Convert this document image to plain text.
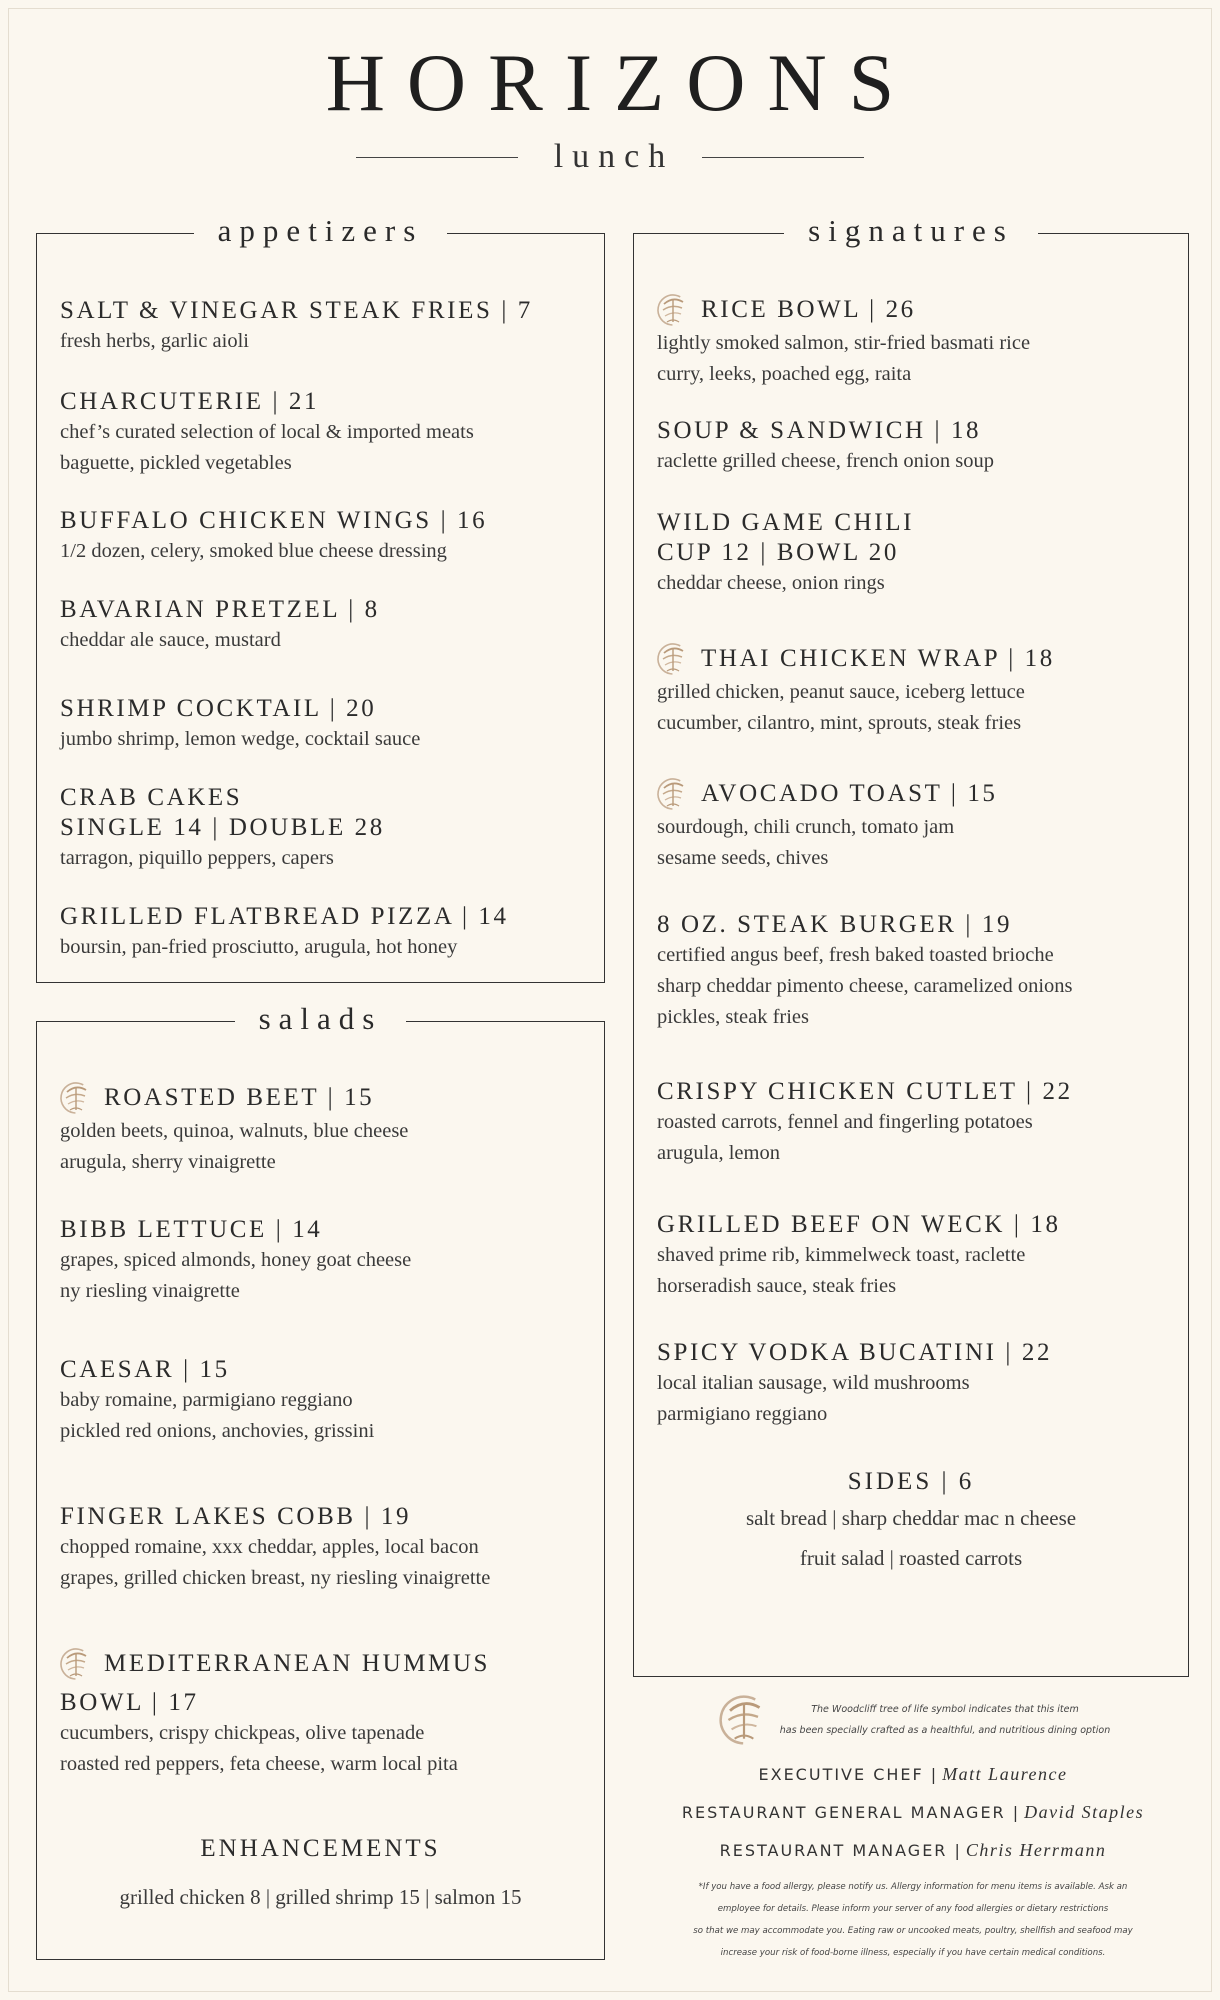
HORIZONS
lunch
appetizers
SALT & VINEGAR STEAK FRIES | 7
fresh herbs, garlic aioli
CHARCUTERIE | 21
chef’s curated selection of local & imported meats
baguette, pickled vegetables
BUFFALO CHICKEN WINGS | 16
1/2 dozen, celery, smoked blue cheese dressing
BAVARIAN PRETZEL | 8
cheddar ale sauce, mustard
SHRIMP COCKTAIL | 20
jumbo shrimp, lemon wedge, cocktail sauce
CRAB CAKES
SINGLE 14 | DOUBLE 28
tarragon, piquillo peppers, capers
GRILLED FLATBREAD PIZZA | 14
boursin, pan-fried prosciutto, arugula, hot honey
salads
ENHANCEMENTS
grilled chicken 8 | grilled shrimp 15 | salmon 15
ROASTED BEET | 15
golden beets, quinoa, walnuts, blue cheese
arugula, sherry vinaigrette
BIBB LETTUCE | 14
grapes, spiced almonds, honey goat cheese
ny riesling vinaigrette
CAESAR | 15
baby romaine, parmigiano reggiano
pickled red onions, anchovies, grissini
FINGER LAKES COBB | 19
chopped romaine, xxx cheddar, apples, local bacon
grapes, grilled chicken breast, ny riesling vinaigrette
MEDITERRANEAN HUMMUS
BOWL | 17
cucumbers, crispy chickpeas, olive tapenade
roasted red peppers, feta cheese, warm local pita
signatures
SIDES | 6
salt bread | sharp cheddar mac n cheese
fruit salad | roasted carrots
RICE BOWL | 26
lightly smoked salmon, stir-fried basmati rice
curry, leeks, poached egg, raita
SOUP & SANDWICH | 18
raclette grilled cheese, french onion soup
WILD GAME CHILI
CUP 12 | BOWL 20
cheddar cheese, onion rings
THAI CHICKEN WRAP | 18
grilled chicken, peanut sauce, iceberg lettuce
cucumber, cilantro, mint, sprouts, steak fries
AVOCADO TOAST | 15
sourdough, chili crunch, tomato jam
sesame seeds, chives
8 OZ. STEAK BURGER | 19
certified angus beef, fresh baked toasted brioche
sharp cheddar pimento cheese, caramelized onions
pickles, steak fries
CRISPY CHICKEN CUTLET | 22
roasted carrots, fennel and fingerling potatoes
arugula, lemon
GRILLED BEEF ON WECK | 18
shaved prime rib, kimmelweck toast, raclette
horseradish sauce, steak fries
SPICY VODKA BUCATINI | 22
local italian sausage, wild mushrooms
parmigiano reggiano
The Woodcliff tree of life symbol indicates that this item
has been specially crafted as a healthful, and nutritious dining option
EXECUTIVE CHEF | Matt Laurence
RESTAURANT GENERAL MANAGER | David Staples
RESTAURANT MANAGER | Chris Herrmann
*If you have a food allergy, please notify us. Allergy information for menu items is available. Ask an
employee for details. Please inform your server of any food allergies or dietary restrictions
so that we may accommodate you. Eating raw or uncooked meats, poultry, shellfish and seafood may
increase your risk of food-borne illness, especially if you have certain medical conditions.
